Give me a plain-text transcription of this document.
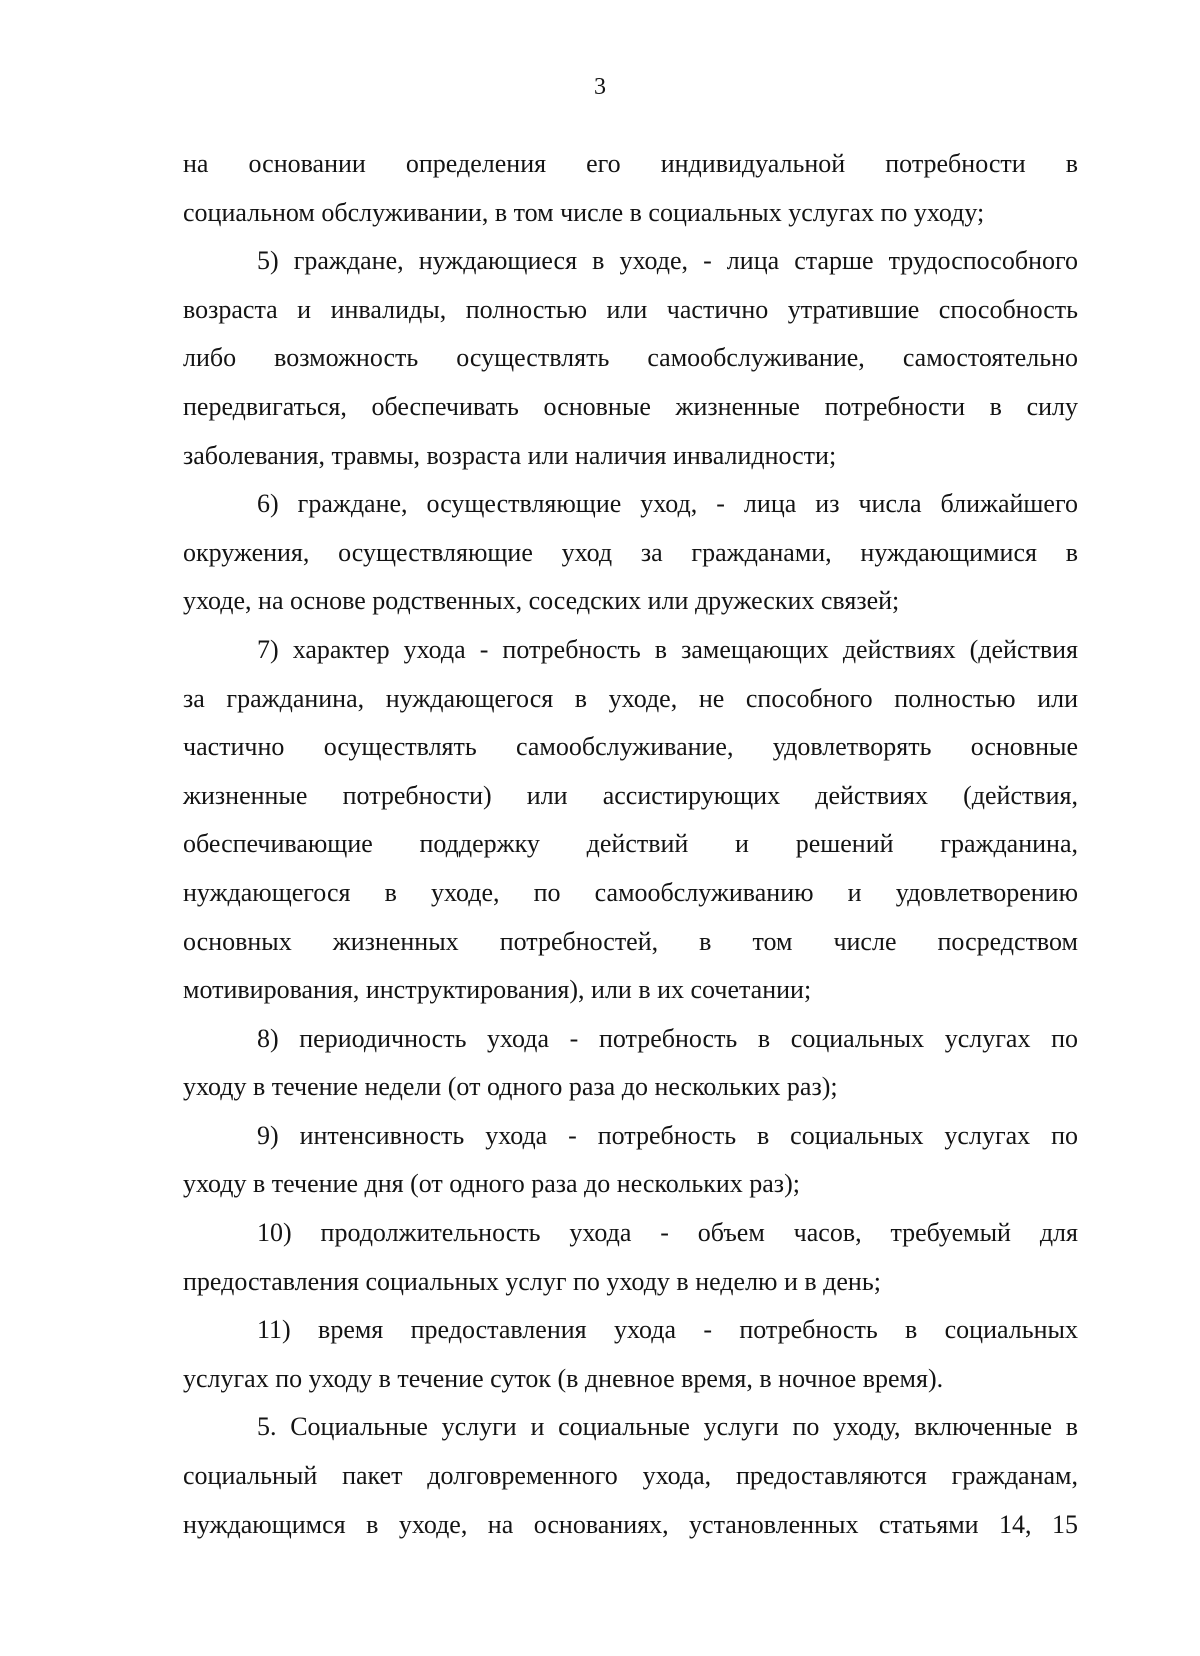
3
на основании определения его индивидуальной потребности в
социальном обслуживании, в том числе в социальных услугах по уходу;
5) граждане, нуждающиеся в уходе, - лица старше трудоспособного
возраста и инвалиды, полностью или частично утратившие способность
либо возможность осуществлять самообслуживание, самостоятельно
передвигаться, обеспечивать основные жизненные потребности в силу
заболевания, травмы, возраста или наличия инвалидности;
6) граждане, осуществляющие уход, - лица из числа ближайшего
окружения, осуществляющие уход за гражданами, нуждающимися в
уходе, на основе родственных, соседских или дружеских связей;
7) характер ухода - потребность в замещающих действиях (действия
за гражданина, нуждающегося в уходе, не способного полностью или
частично осуществлять самообслуживание, удовлетворять основные
жизненные потребности) или ассистирующих действиях (действия,
обеспечивающие поддержку действий и решений гражданина,
нуждающегося в уходе, по самообслуживанию и удовлетворению
основных жизненных потребностей, в том числе посредством
мотивирования, инструктирования), или в их сочетании;
8) периодичность ухода - потребность в социальных услугах по
уходу в течение недели (от одного раза до нескольких раз);
9) интенсивность ухода - потребность в социальных услугах по
уходу в течение дня (от одного раза до нескольких раз);
10) продолжительность ухода - объем часов, требуемый для
предоставления социальных услуг по уходу в неделю и в день;
11) время предоставления ухода - потребность в социальных
услугах по уходу в течение суток (в дневное время, в ночное время).
5. Социальные услуги и социальные услуги по уходу, включенные в
социальный пакет долговременного ухода, предоставляются гражданам,
нуждающимся в уходе, на основаниях, установленных статьями 14, 15
